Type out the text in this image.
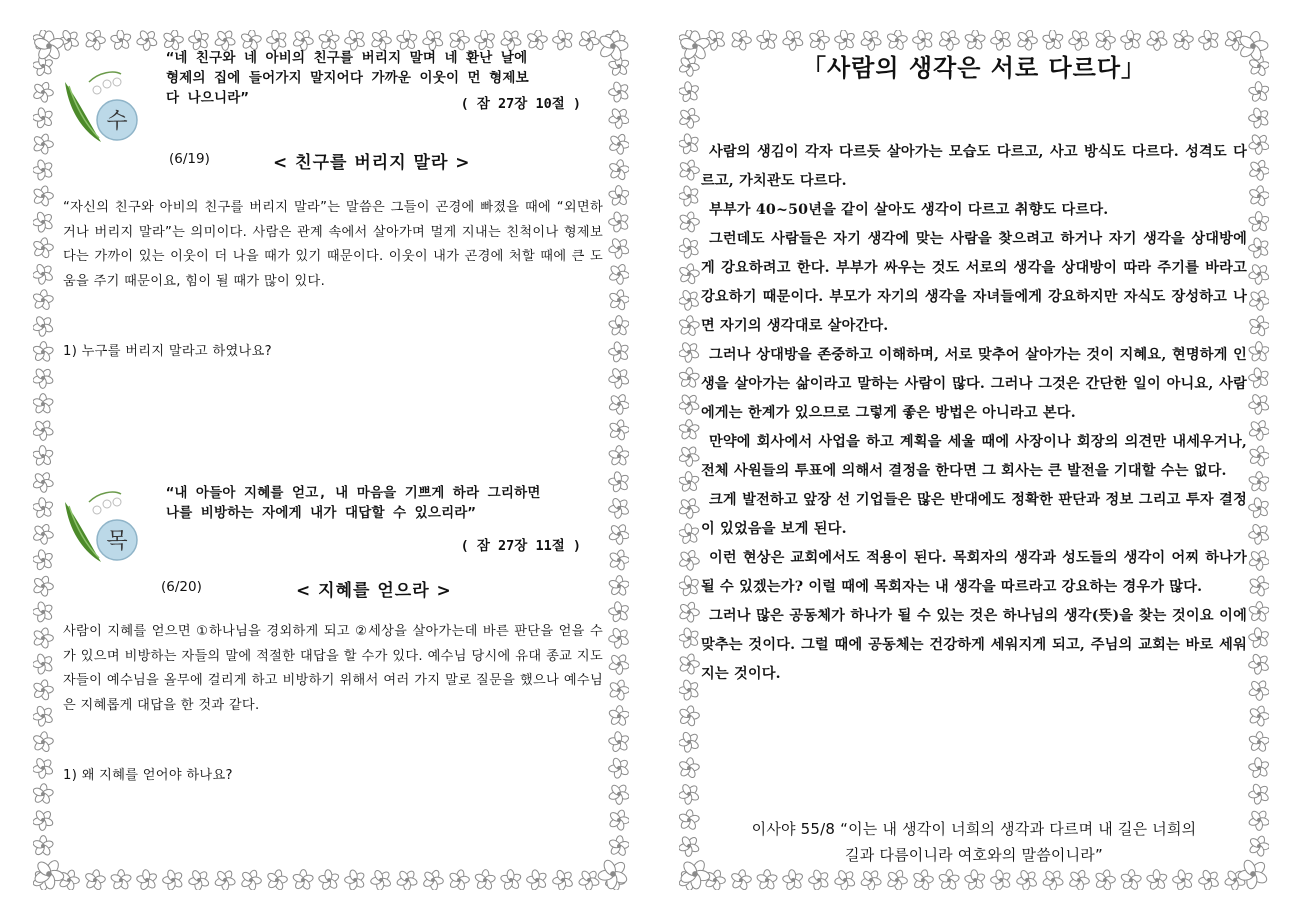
수
“네 친구와 네 아비의 친구를 버리지 말며 네 환난 날에
형제의 집에 들어가지 말지어다 가까운 이웃이 먼 형제보
다 나으니라”	( 잠 27장 10절 )
(6/19)	< 친구를 버리지 말라 >
“자신의 친구와 아비의 친구를 버리지 말라”는 말씀은 그들이 곤경에 빠졌을 때에 “외면하거나 버리지 말라”는 의미이다. 사람은 관계 속에서 살아가며 멀게 지내는 친척이나 형제보다는 가까이 있는 이웃이 더 나을 때가 있기 때문이다. 이웃이 내가 곤경에 처할 때에 큰 도움을 주기 때문이요, 힘이 될 때가 많이 있다.
1) 누구를 버리지 말라고 하였나요?
목
“내 아들아 지혜를 얻고, 내 마음을 기쁘게 하라 그리하면
나를 비방하는 자에게 내가 대답할 수 있으리라”
( 잠 27장 11절 )
(6/20)	< 지혜를 얻으라 >
사람이 지혜를 얻으면 ①하나님을 경외하게 되고 ②세상을 살아가는데 바른 판단을 얻을 수가 있으며 비방하는 자들의 말에 적절한 대답을 할 수가 있다. 예수님 당시에 유대 종교 지도자들이 예수님을 올무에 걸리게 하고 비방하기 위해서 여러 가지 말로 질문을 했으나 예수님은 지혜롭게 대답을 한 것과 같다.
1) 왜 지혜를 얻어야 하나요?
「사람의 생각은 서로 다르다」

사람의 생김이 각자 다르듯 살아가는 모습도 다르고, 사고 방식도 다르다. 성격도 다르고, 가치관도 다르다.

부부가 40~50년을 같이 살아도 생각이 다르고 취향도 다르다.

그런데도 사람들은 자기 생각에 맞는 사람을 찾으려고 하거나 자기 생각을 상대방에게 강요하려고 한다. 부부가 싸우는 것도 서로의 생각을 상대방이 따라 주기를 바라고 강요하기 때문이다. 부모가 자기의 생각을 자녀들에게 강요하지만 자식도 장성하고 나면 자기의 생각대로 살아간다.

그러나 상대방을 존중하고 이해하며, 서로 맞추어 살아가는 것이 지혜요, 현명하게 인생을 살아가는 삶이라고 말하는 사람이 많다. 그러나 그것은 간단한 일이 아니요, 사람에게는 한계가 있으므로 그렇게 좋은 방법은 아니라고 본다.

만약에 회사에서 사업을 하고 계획을 세울 때에 사장이나 회장의 의견만 내세우거나, 전체 사원들의 투표에 의해서 결정을 한다면 그 회사는 큰 발전을 기대할 수는 없다.

크게 발전하고 앞장 선 기업들은 많은 반대에도 정확한 판단과 정보 그리고 투자 결정이 있었음을 보게 된다.

이런 현상은 교회에서도 적용이 된다. 목회자의 생각과 성도들의 생각이 어찌 하나가 될 수 있겠는가? 이럴 때에 목회자는 내 생각을 따르라고 강요하는 경우가 많다.

그러나 많은 공동체가 하나가 될 수 있는 것은 하나님의 생각(뜻)을 찾는 것이요 이에 맞추는 것이다. 그럴 때에 공동체는 건강하게 세워지게 되고, 주님의 교회는 바로 세워지는 것이다.

이사야 55/8 “이는 내 생각이 너희의 생각과 다르며 내 길은 너희의
길과 다름이니라 여호와의 말씀이니라”
